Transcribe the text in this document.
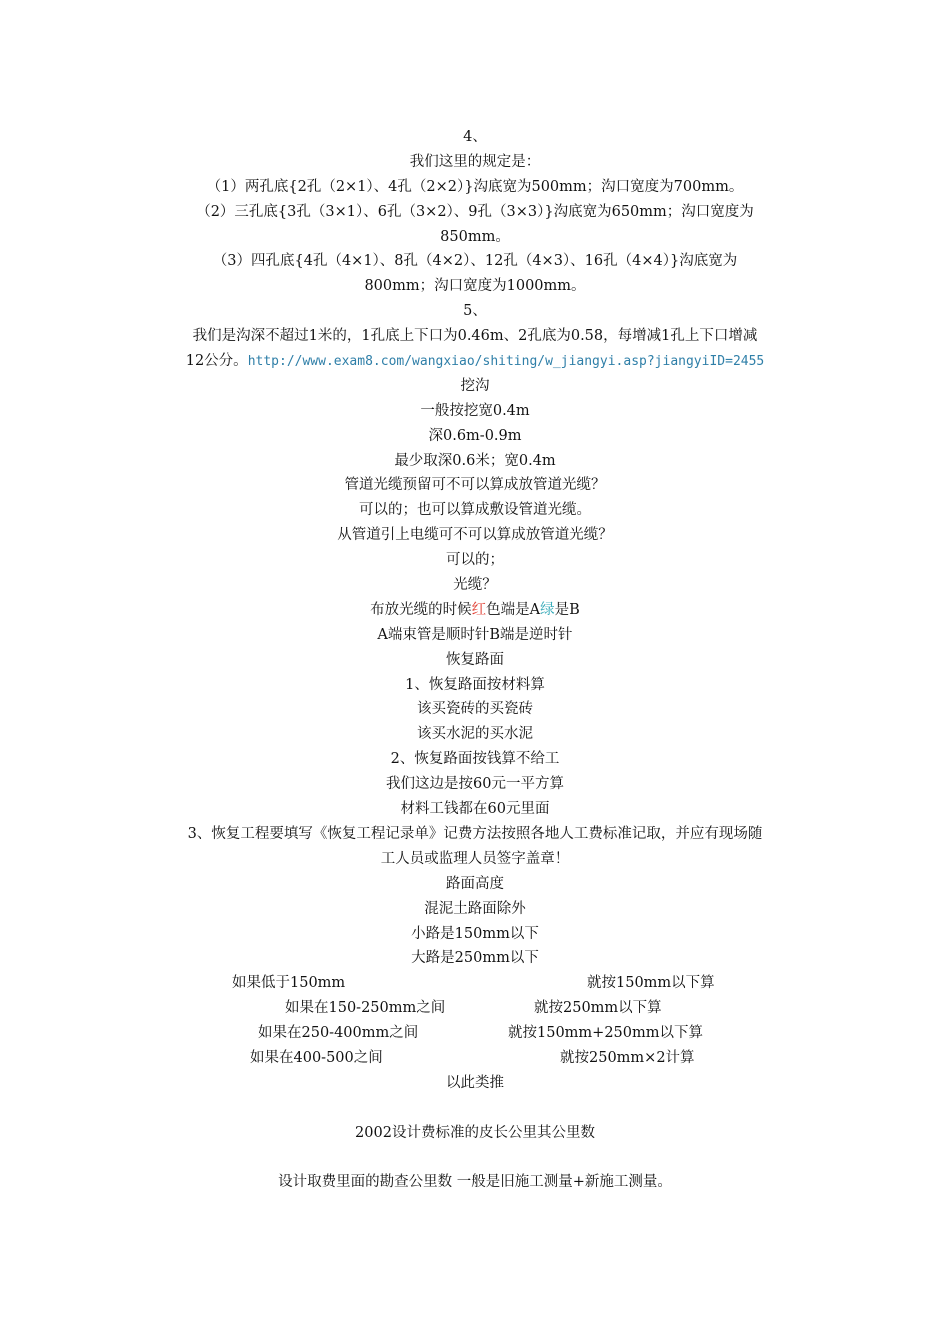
4、
我们这里的规定是：
（1）两孔底{2孔（2×1）、4孔（2×2）}沟底宽为500mm；沟口宽度为700mm。
（2）三孔底{3孔（3×1）、6孔（3×2）、9孔（3×3）}沟底宽为650mm；沟口宽度为
850mm。
（3）四孔底{4孔（4×1）、8孔（4×2）、12孔（4×3）、16孔（4×4）}沟底宽为
800mm；沟口宽度为1000mm。
5、
我们是沟深不超过1米的，1孔底上下口为0.46m、2孔底为0.58，每增减1孔上下口增减
12公分。http://www.exam8.com/wangxiao/shiting/w_jiangyi.asp?jiangyiID=2455
挖沟
一般按挖宽0.4m
深0.6m-0.9m
最少取深0.6米；宽0.4m
管道光缆预留可不可以算成放管道光缆？
可以的；也可以算成敷设管道光缆。
从管道引上电缆可不可以算成放管道光缆？
可以的；
光缆？
布放光缆的时候红色端是A绿是B
A端束管是顺时针B端是逆时针
恢复路面
1、恢复路面按材料算
该买瓷砖的买瓷砖
该买水泥的买水泥
2、恢复路面按钱算不给工
我们这边是按60元一平方算
材料工钱都在60元里面
3、恢复工程要填写《恢复工程记录单》记费方法按照各地人工费标准记取，并应有现场随
工人员或监理人员签字盖章！
路面高度
混泥土路面除外
小路是150mm以下
大路是250mm以下
如果低于150mm	就按150mm以下算
如果在150-250mm之间	就按250mm以下算
如果在250-400mm之间	就按150mm+250mm以下算
如果在400-500之间	就按250mm×2计算
以此类推
2002设计费标准的皮长公里其公里数
设计取费里面的勘查公里数 一般是旧施工测量+新施工测量。
